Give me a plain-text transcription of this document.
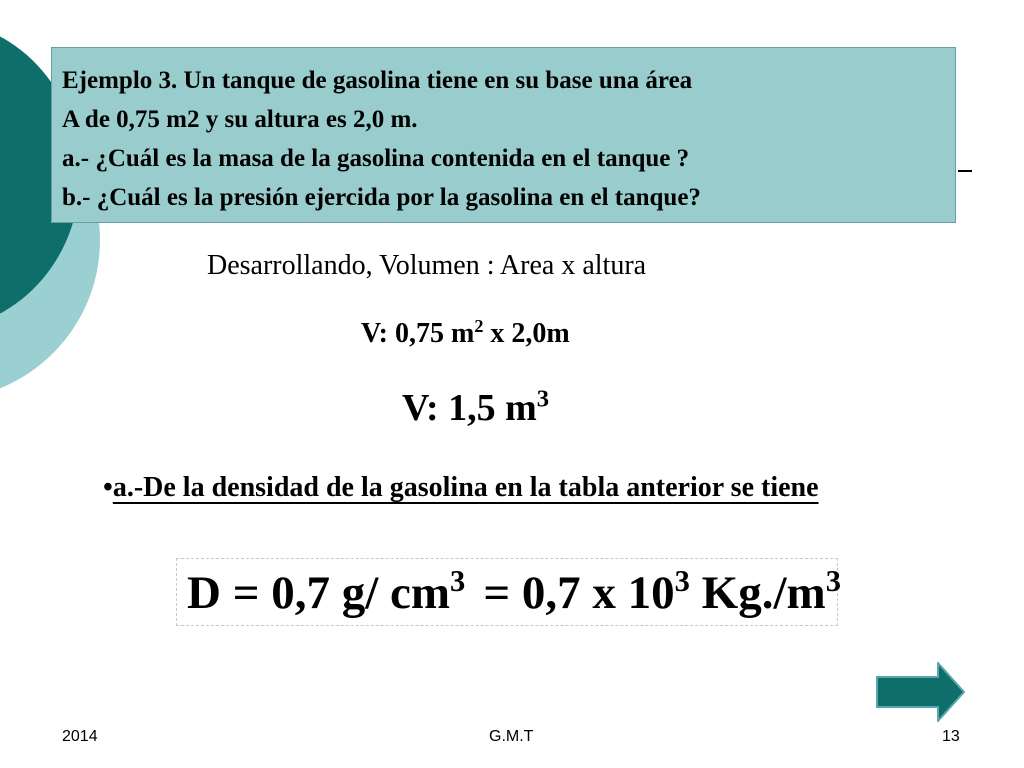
Ejemplo 3. Un tanque de gasolina tiene en su base una área
A de 0,75 m2 y su altura es 2,0 m.
a.- ¿Cuál es la masa de la gasolina contenida en el tanque ?
b.- ¿Cuál es la presión ejercida por la gasolina en el tanque?
Desarrollando, Volumen : Area x altura
V: 0,75 $m^2$ x 2,0m
V: 1,5 $m^3$
•a.-De la densidad de la gasolina en la tabla anterior se tiene
D = 0,7 g/ $cm^3 = 0,7$ x $10^3$ $Kg./m^3$
2014	G.M.T	13
